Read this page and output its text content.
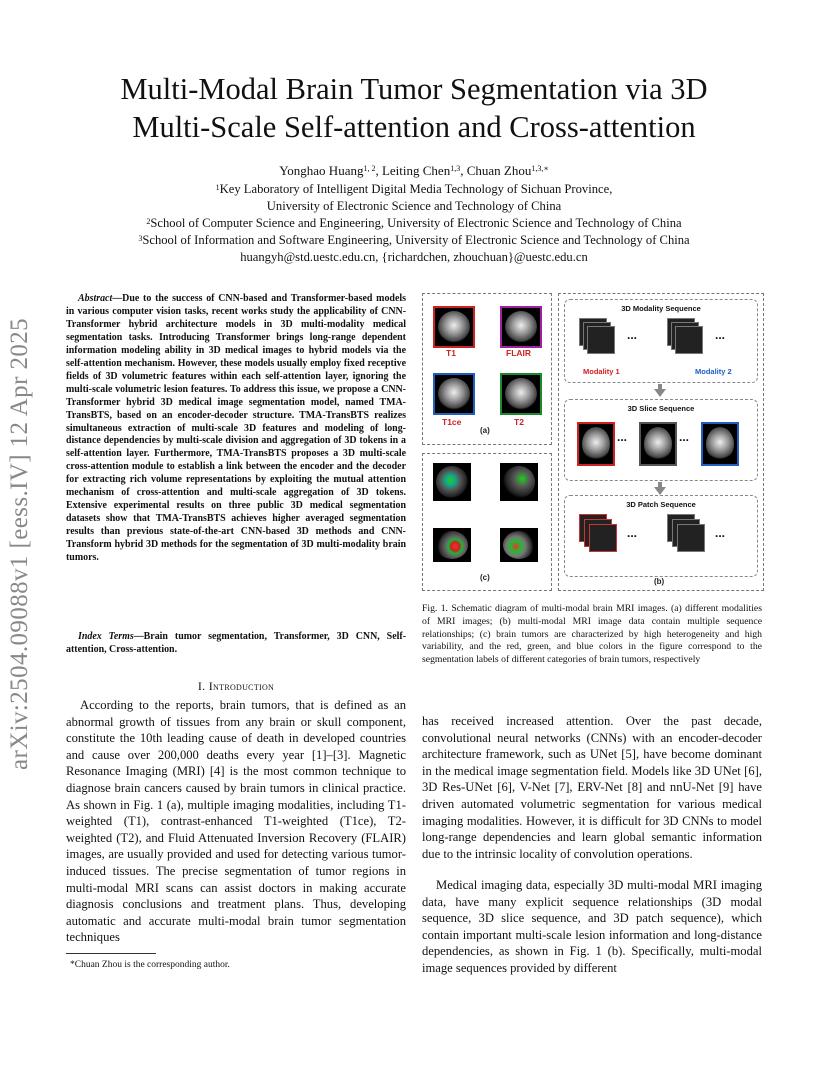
arXiv:2504.09088v1 [eess.IV] 12 Apr 2025
Multi-Modal Brain Tumor Segmentation via 3D
Multi-Scale Self-attention and Cross-attention
Yonghao Huang$^{1, 2}$, Leiting Chen$^{1,3}$, Chuan Zhou$^{1,3,∗}$
$^1$Key Laboratory of Intelligent Digital Media Technology of Sichuan Province,
University of Electronic Science and Technology of China
$^2$School of Computer Science and Engineering, University of Electronic Science and Technology of China
$^3$School of Information and Software Engineering, University of Electronic Science and Technology of China
huangyh@std.uestc.edu.cn, {richardchen, zhouchuan}@uestc.edu.cn
Abstract—Due to the success of CNN-based and Transformer-based models in various computer vision tasks, recent works study the applicability of CNN-Transformer hybrid architecture models in 3D multi-modality medical segmentation tasks. Introducing Transformer brings long-range dependent information modeling ability in 3D medical images to hybrid models via the self-attention mechanism. However, these models usually employ fixed receptive fields of 3D volumetric features within each self-attention layer, ignoring the multi-scale volumetric lesion features. To address this issue, we propose a CNN-Transformer hybrid 3D medical image segmentation model, named TMA-TransBTS, based on an encoder-decoder structure. TMA-TransBTS realizes simultaneous extraction of multi-scale 3D features and modeling of long-distance dependencies by multi-scale division and aggregation of 3D tokens in a self-attention layer. Furthermore, TMA-TransBTS proposes a 3D multi-scale cross-attention module to establish a link between the encoder and the decoder for extracting rich volume representations by exploiting the mutual attention mechanism of cross-attention and multi-scale aggregation of 3D tokens. Extensive experimental results on three public 3D medical segmentation datasets show that TMA-TransBTS achieves higher averaged segmentation results than previous state-of-the-art CNN-based 3D methods and CNN-Transform hybrid 3D methods for the segmentation of 3D multi-modality brain tumors.
Index Terms—Brain tumor segmentation, Transformer, 3D CNN, Self-attention, Cross-attention.
I. Introduction
According to the reports, brain tumors, that is defined as an abnormal growth of tissues from any brain or skull component, constitute the 10th leading cause of death in developed countries and cause over 200,000 deaths every year [1]–[3]. Magnetic Resonance Imaging (MRI) [4] is the most common technique to diagnose brain cancers caused by brain tumors in clinical practice. As shown in Fig. 1 (a), multiple imaging modalities, including T1-weighted (T1), contrast-enhanced T1-weighted (T1ce), T2-weighted (T2), and Fluid Attenuated Inversion Recovery (FLAIR) images, are usually provided and used for detecting various tumor-induced tissues. The precise segmentation of tumor regions in multi-modal MRI scans can assist doctors in making accurate diagnosis conclusions and treatment plans. Thus, developing automatic and accurate multi-modal brain tumor segmentation techniques
*Chuan Zhou is the corresponding author.
has received increased attention. Over the past decade, convolutional neural networks (CNNs) with an encoder-decoder architecture framework, such as UNet [5], have become dominant in the medical image segmentation field. Models like 3D UNet [6], 3D Res-UNet [6], V-Net [7], ERV-Net [8] and nnU-Net [9] have driven automated volumetric segmentation for various medical imaging modalities. However, it is difficult for 3D CNNs to model long-range dependencies and learn global semantic information due to the intrinsic locality of convolution operations.
Medical imaging data, especially 3D multi-modal MRI imaging data, have many explicit sequence relationships (3D modal sequence, 3D slice sequence, and 3D patch sequence), which contain important multi-scale lesion information and long-distance dependencies, as shown in Fig. 1 (b). Specifically, multi-modal image sequences provided by different
T1	FLAIR
T1ce	T2
(a)
(c)
3D Modality Sequence
...	...
Modality 1	Modality 2
3D Slice Sequence
...	...
3D Patch Sequence
...	...
(b)
Fig. 1. Schematic diagram of multi-modal brain MRI images. (a) different modalities of MRI images; (b) multi-modal MRI image data contain multiple sequence relationships; (c) brain tumors are characterized by high heterogeneity and high variability, and the red, green, and blue colors in the figure correspond to the segmentation labels of different categories of brain tumors, respectively
